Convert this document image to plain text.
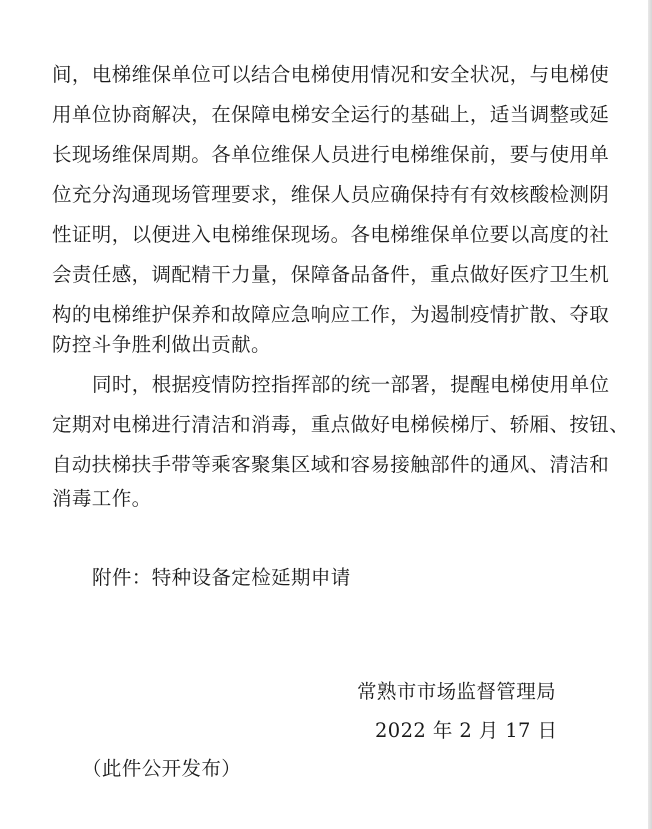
间，电梯维保单位可以结合电梯使用情况和安全状况，与电梯使
用单位协商解决，在保障电梯安全运行的基础上，适当调整或延
长现场维保周期。各单位维保人员进行电梯维保前，要与使用单
位充分沟通现场管理要求，维保人员应确保持有有效核酸检测阴
性证明，以便进入电梯维保现场。各电梯维保单位要以高度的社
会责任感，调配精干力量，保障备品备件，重点做好医疗卫生机
构的电梯维护保养和故障应急响应工作，为遏制疫情扩散、夺取
防控斗争胜利做出贡献。
同时，根据疫情防控指挥部的统一部署，提醒电梯使用单位
定期对电梯进行清洁和消毒，重点做好电梯候梯厅、轿厢、按钮、
自动扶梯扶手带等乘客聚集区域和容易接触部件的通风、清洁和
消毒工作。
附件：特种设备定检延期申请
常熟市市场监督管理局
2022 年 2 月 17 日
（此件公开发布）
